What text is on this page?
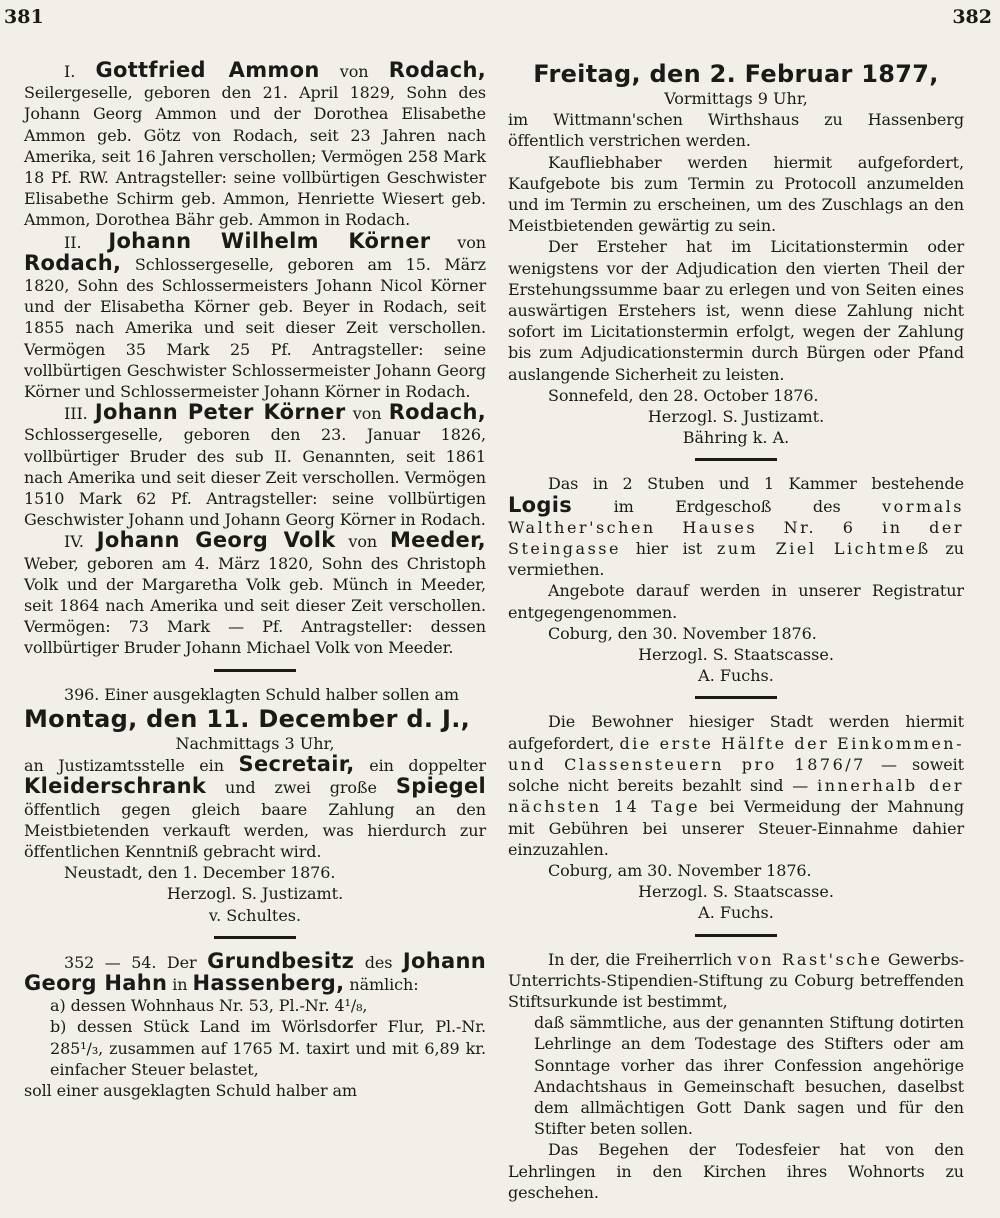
381	382

I. Gottfried Ammon von Rodach, Seilergeselle, geboren den 21. April 1829, Sohn des Johann Georg Ammon und der Dorothea Elisabethe Ammon geb. Götz von Rodach, seit 23 Jahren nach Amerika, seit 16 Jahren verschollen; Vermögen 258 Mark 18 Pf. RW. Antragsteller: seine vollbürtigen Geschwister Elisabethe Schirm geb. Ammon, Henriette Wiesert geb. Ammon, Dorothea Bähr geb. Ammon in Rodach.

II. Johann Wilhelm Körner von Rodach, Schlossergeselle, geboren am 15. März 1820, Sohn des Schlossermeisters Johann Nicol Körner und der Elisabetha Körner geb. Beyer in Rodach, seit 1855 nach Amerika und seit dieser Zeit verschollen. Vermögen 35 Mark 25 Pf. Antragsteller: seine vollbürtigen Geschwister Schlossermeister Johann Georg Körner und Schlossermeister Johann Körner in Rodach.

III. Johann Peter Körner von Rodach, Schlossergeselle, geboren den 23. Januar 1826, vollbürtiger Bruder des sub II. Genannten, seit 1861 nach Amerika und seit dieser Zeit verschollen. Vermögen 1510 Mark 62 Pf. Antragsteller: seine vollbürtigen Geschwister Johann und Johann Georg Körner in Rodach.

IV. Johann Georg Volk von Meeder, Weber, geboren am 4. März 1820, Sohn des Christoph Volk und der Margaretha Volk geb. Münch in Meeder, seit 1864 nach Amerika und seit dieser Zeit verschollen. Vermögen: 73 Mark — Pf. Antragsteller: dessen vollbürtiger Bruder Johann Michael Volk von Meeder.

396. Einer ausgeklagten Schuld halber sollen am

Montag, den 11. December d. J.,

Nachmittags 3 Uhr,

an Justizamtsstelle ein Secretair, ein doppelter Kleiderschrank und zwei große Spiegel öffentlich gegen gleich baare Zahlung an den Meistbietenden verkauft werden, was hierdurch zur öffentlichen Kenntniß gebracht wird.

Neustadt, den 1. December 1876.

Herzogl. S. Justizamt.

v. Schultes.

352 — 54. Der Grundbesitz des Johann Georg Hahn in Hassenberg, nämlich:

a) dessen Wohnhaus Nr. 53, Pl.-Nr. 4¹/₈,

b) dessen Stück Land im Wörlsdorfer Flur, Pl.-Nr. 285¹/₃, zusammen auf 1765 M. taxirt und mit 6,89 kr. einfacher Steuer belastet,

soll einer ausgeklagten Schuld halber am

Freitag, den 2. Februar 1877,

Vormittags 9 Uhr,

im Wittmann'schen Wirthshaus zu Hassenberg öffentlich verstrichen werden.

Kaufliebhaber werden hiermit aufgefordert, Kaufgebote bis zum Termin zu Protocoll anzumelden und im Termin zu erscheinen, um des Zuschlags an den Meistbietenden gewärtig zu sein.

Der Ersteher hat im Licitationstermin oder wenigstens vor der Adjudication den vierten Theil der Erstehungssumme baar zu erlegen und von Seiten eines auswärtigen Erstehers ist, wenn diese Zahlung nicht sofort im Licitationstermin erfolgt, wegen der Zahlung bis zum Adjudicationstermin durch Bürgen oder Pfand auslangende Sicherheit zu leisten.

Sonnefeld, den 28. October 1876.

Herzogl. S. Justizamt.

Bähring k. A.

Das in 2 Stuben und 1 Kammer bestehende Logis	im Erdgeschoß des	vormals Walther'schen Hauses Nr. 6 in der Steingasse hier ist zum Ziel Lichtmeß zu vermiethen.

Angebote darauf werden in unserer Registratur entgegengenommen.

Coburg, den 30. November 1876.

Herzogl. S. Staatscasse.

A. Fuchs.

Die Bewohner hiesiger Stadt werden hiermit aufgefordert, die erste Hälfte der Einkommen- und Classensteuern pro 1876/7 — soweit solche nicht bereits bezahlt sind — innerhalb der nächsten 14 Tage bei Vermeidung der Mahnung mit Gebühren bei unserer Steuer-Einnahme dahier einzuzahlen.

Coburg, am 30. November 1876.

Herzogl. S. Staatscasse.

A. Fuchs.

In der, die Freiherrlich von Rast'sche Gewerbs-Unterrichts-Stipendien-Stiftung zu Coburg betreffenden Stiftsurkunde ist bestimmt,

daß sämmtliche, aus der genannten Stiftung dotirten Lehrlinge an dem Todestage des Stifters oder am Sonntage vorher das ihrer Confession angehörige Andachtshaus in Gemeinschaft besuchen, daselbst dem allmächtigen Gott Dank sagen und für den Stifter beten sollen.

Das Begehen der Todesfeier hat von den Lehrlingen in den Kirchen ihres Wohnorts zu geschehen.
